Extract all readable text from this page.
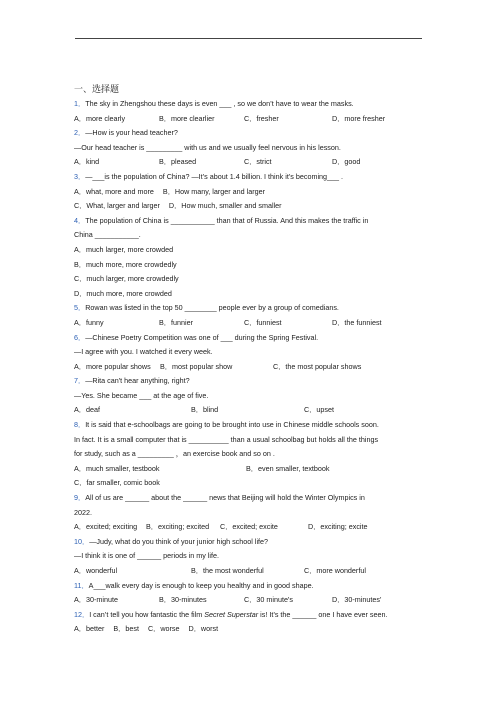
一、选择题
1．The sky in Zhengshou these days is even ___ , so we don’t have to wear the masks.
A．more clearly	B．more clearlier	C．fresher	D．more fresher
2．—How is your head teacher?
—Our head teacher is _________ with us and we usually feel nervous in his lesson.
A．kind	B．pleased	C．strict	D．good
3．—___is the population of China? —It’s about 1.4 billion. I think it’s becoming___ .
A．what, more and more B．How many, larger and larger
C．What, larger and larger D．How much, smaller and smaller
4．The population of China is ___________ than that of Russia. And this makes the traffic in
China ___________.
A．much larger, more crowded
B．much more, more crowdedly
C．much larger, more crowdedly
D．much more, more crowded
5．Rowan was listed in the top 50 ________ people ever by a group of comedians.
A．funny	B．funnier	C．funniest	D．the funniest
6．—Chinese Poetry Competition was one of ___ during the Spring Festival.
—I agree with you. I watched it every week.
A．more popular shows	B．most popular show	C．the most popular shows
7．—Rita can't hear anything, right?
—Yes. She became ___ at the age of five.
A．deaf	B．blind	C．upset
8．It is said that e-schoolbags are going to be brought into use in Chinese middle schools soon.
In fact. It is a small computer that is __________ than a usual schoolbag but holds all the things
for study, such as a _________ ，an exercise book and so on .
A．much smaller, testbook	B．even smaller, textbook
C．far smaller, comic book
9．All of us are ______ about the ______ news that Beijing will hold the Winter Olympics in
2022.
A．excited; exciting	B．exciting; excited	C．excited; excite	D．exciting; excite
10．—Judy, what do you think of your junior high school life?
—I think it is one of ______ periods in my life.
A．wonderful	B．the most wonderful	C．more wonderful
11．A___walk every day is enough to keep you healthy and in good shape.
A．30-minute	B．30-minutes	C．30 minute's	D．30-minutes’
12．I can’t tell you how fantastic the film Secret Superstar is! It’s the ______ one I have ever seen.
A．better B．best C．worse D．worst
